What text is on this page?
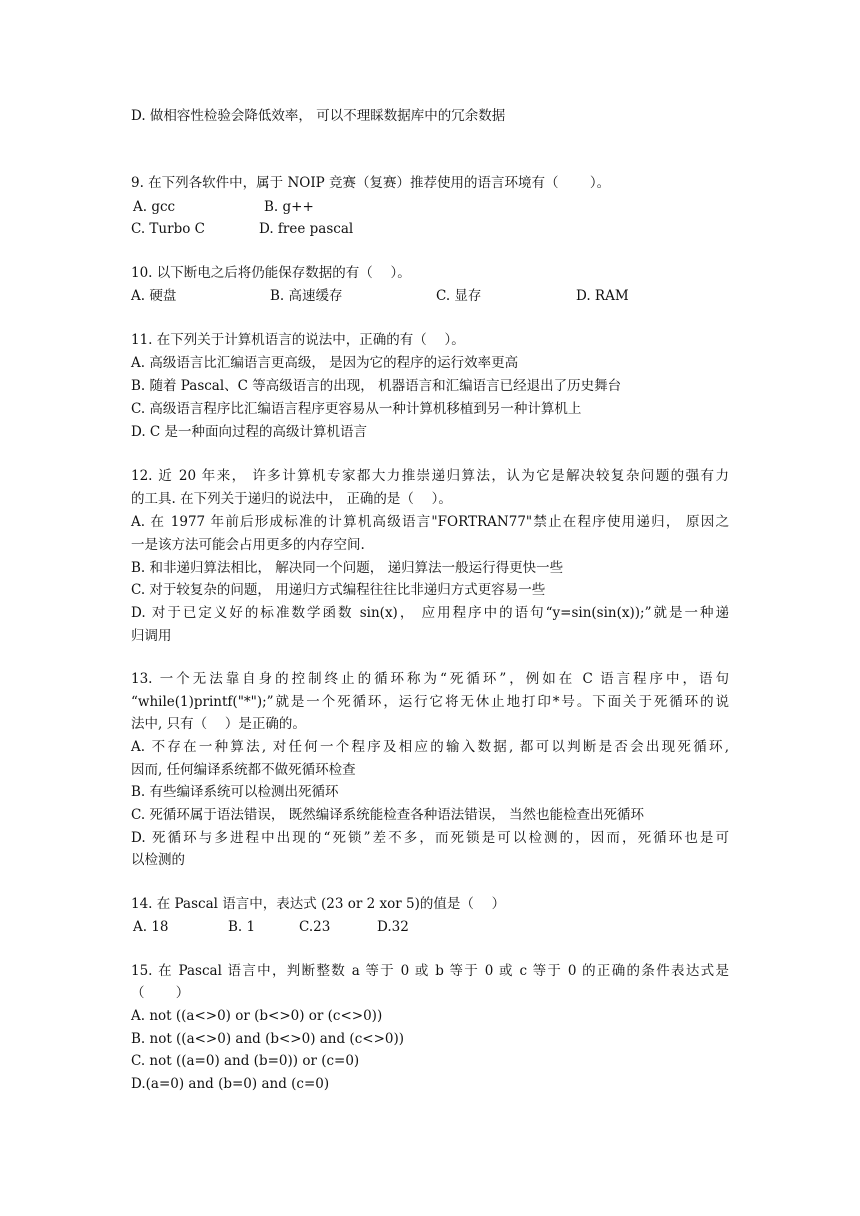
D. 做相容性检验会降低效率， 可以不理睬数据库中的冗余数据
9. 在下列各软件中，属于 NOIP 竞赛（复赛）推荐使用的语言环境有（　　 ）。
A. gcc	B. g++
C. Turbo C	D. free pascal
10. 以下断电之后将仍能保存数据的有（　 ）。
A. 硬盘	B. 高速缓存	C. 显存	D. RAM
11. 在下列关于计算机语言的说法中，正确的有（　 ）。
A. 高级语言比汇编语言更高级， 是因为它的程序的运行效率更高
B. 随着 Pascal、C 等高级语言的出现， 机器语言和汇编语言已经退出了历史舞台
C. 高级语言程序比汇编语言程序更容易从一种计算机移植到另一种计算机上
D. C 是一种面向过程的高级计算机语言
12. 近 20 年来， 许多计算机专家都大力推崇递归算法，认为它是解决较复杂问题的强有力
的工具. 在下列关于递归的说法中， 正确的是（　 ）。
A. 在 1977 年前后形成标准的计算机高级语言"FORTRAN77"禁止在程序使用递归， 原因之
一是该方法可能会占用更多的内存空间.
B. 和非递归算法相比， 解决同一个问题， 递归算法一般运行得更快一些
C. 对于较复杂的问题， 用递归方式编程往往比非递归方式更容易一些
D. 对于已定义好的标准数学函数 sin(x)， 应用程序中的语句“y=sin(sin(x));”就是一种递
归调用
13. 一个无法靠自身的控制终止的循环称为“死循环”，例如在 C 语言程序中，语句
“while(1)printf("*");”就是一个死循环，运行它将无休止地打印*号。下面关于死循环的说
法中, 只有（　 ）是正确的。
A. 不存在一种算法, 对任何一个程序及相应的输入数据, 都可以判断是否会出现死循环,
因而, 任何编译系统都不做死循环检查
B. 有些编译系统可以检测出死循环
C. 死循环属于语法错误， 既然编译系统能检查各种语法错误， 当然也能检查出死循环
D. 死循环与多进程中出现的“死锁”差不多，而死锁是可以检测的，因而，死循环也是可
以检测的
14. 在 Pascal 语言中，表达式 (23 or 2 xor 5)的值是（　 ）
A. 18	B. 1	C.23	D.32
15. 在 Pascal 语言中，判断整数 a 等于 0 或 b 等于 0 或 c 等于 0 的正确的条件表达式是
（　　 ）
A. not ((a<>0) or (b<>0) or (c<>0))
B. not ((a<>0) and (b<>0) and (c<>0))
C. not ((a=0) and (b=0)) or (c=0)
D.(a=0) and (b=0) and (c=0)
